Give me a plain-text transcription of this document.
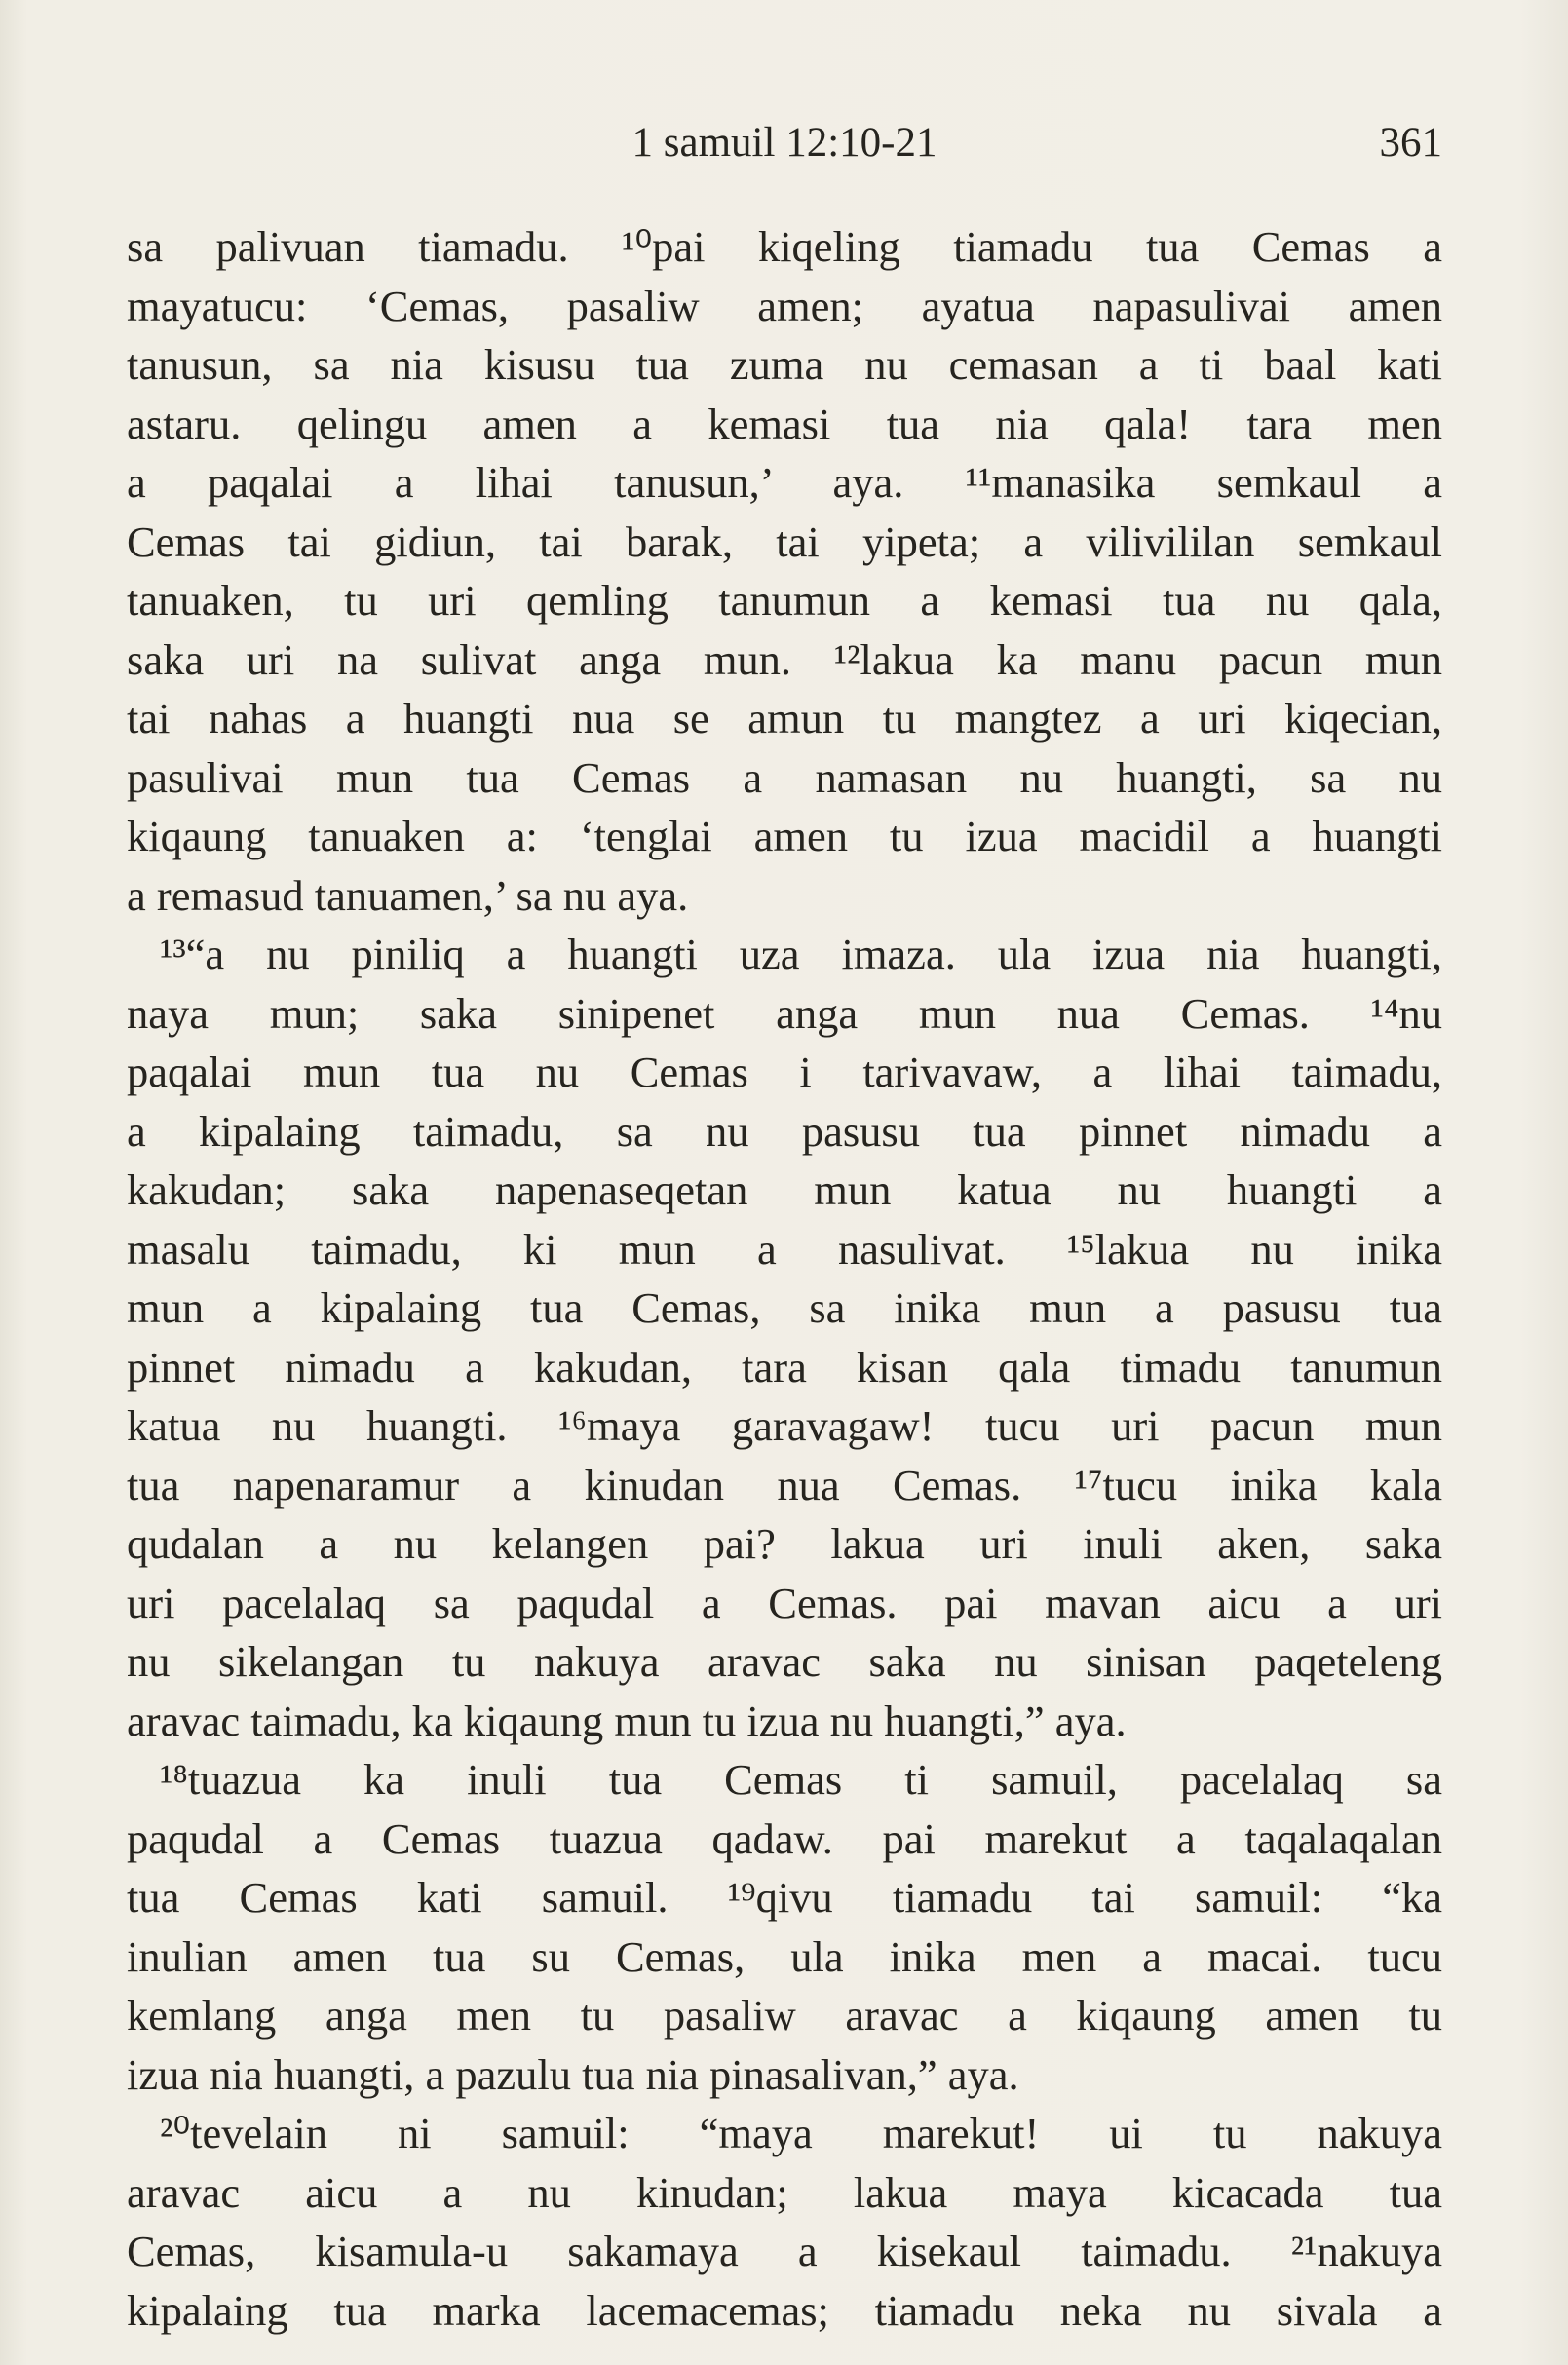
1 samuil 12:10-21	361

sa palivuan tiamadu. ¹⁰pai kiqeling tiamadu tua Cemas a
mayatucu: ‘Cemas, pasaliw amen; ayatua napasulivai amen
tanusun, sa nia kisusu tua zuma nu cemasan a ti baal kati
astaru. qelingu amen a kemasi tua nia qala! tara men
a paqalai a lihai tanusun,’ aya. ¹¹manasika semkaul a
Cemas tai gidiun, tai barak, tai yipeta; a vilivililan semkaul
tanuaken, tu uri qemling tanumun a kemasi tua nu qala,
saka uri na sulivat anga mun. ¹²lakua ka manu pacun mun
tai nahas a huangti nua se amun tu mangtez a uri kiqecian,
pasulivai mun tua Cemas a namasan nu huangti, sa nu
kiqaung tanuaken a: ‘tenglai amen tu izua macidil a huangti
a remasud tanuamen,’ sa nu aya.

¹³“a nu piniliq a huangti uza imaza. ula izua nia huangti,
naya mun; saka sinipenet anga mun nua Cemas. ¹⁴nu
paqalai mun tua nu Cemas i tarivavaw, a lihai taimadu,
a kipalaing taimadu, sa nu pasusu tua pinnet nimadu a
kakudan; saka napenaseqetan mun katua nu huangti a
masalu taimadu, ki mun a nasulivat. ¹⁵lakua nu inika
mun a kipalaing tua Cemas, sa inika mun a pasusu tua
pinnet nimadu a kakudan, tara kisan qala timadu tanumun
katua nu huangti. ¹⁶maya garavagaw! tucu uri pacun mun
tua napenaramur a kinudan nua Cemas. ¹⁷tucu inika kala
qudalan a nu kelangen pai? lakua uri inuli aken, saka
uri pacelalaq sa paqudal a Cemas. pai mavan aicu a uri
nu sikelangan tu nakuya aravac saka nu sinisan paqeteleng
aravac taimadu, ka kiqaung mun tu izua nu huangti,” aya.

¹⁸tuazua ka inuli tua Cemas ti samuil, pacelalaq sa
paqudal a Cemas tuazua qadaw. pai marekut a taqalaqalan
tua Cemas kati samuil. ¹⁹qivu tiamadu tai samuil: “ka
inulian amen tua su Cemas, ula inika men a macai. tucu
kemlang anga men tu pasaliw aravac a kiqaung amen tu
izua nia huangti, a pazulu tua nia pinasalivan,” aya.

²⁰tevelain ni samuil: “maya marekut! ui tu nakuya
aravac aicu a nu kinudan; lakua maya kicacada tua
Cemas, kisamula-u sakamaya a kisekaul taimadu. ²¹nakuya
kipalaing tua marka lacemacemas; tiamadu neka nu sivala a
